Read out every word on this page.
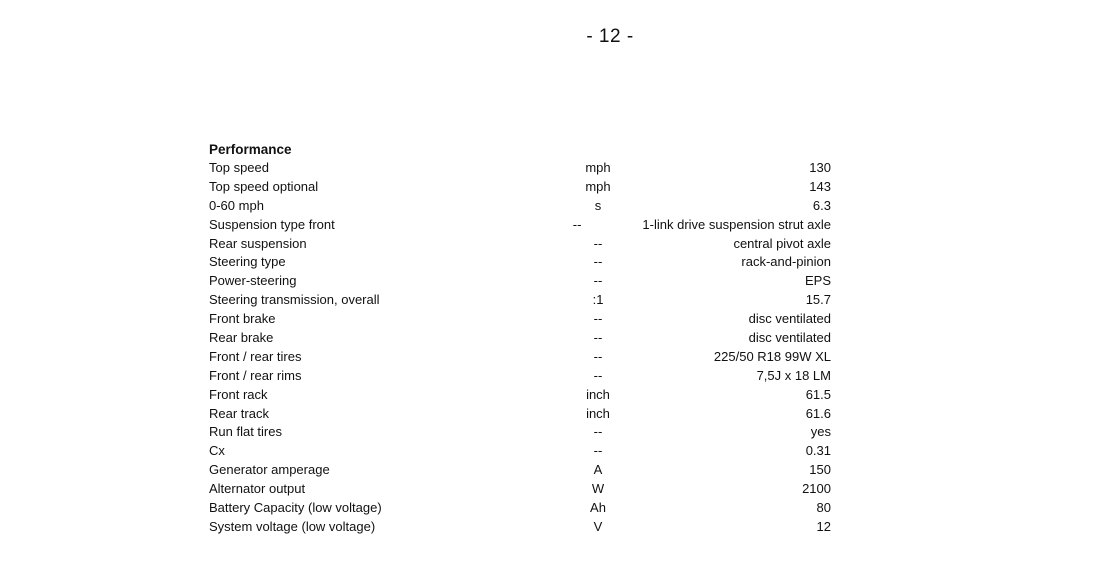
- 12 -
Performance
Top speed	mph	130
Top speed optional	mph	143
0-60 mph	s	6.3
Suspension type front	--	1-link drive suspension strut axle
Rear suspension	--	central pivot axle
Steering type	--	rack-and-pinion
Power-steering	--	EPS
Steering transmission, overall	:1	15.7
Front brake	--	disc ventilated
Rear brake	--	disc ventilated
Front / rear tires	--	225/50 R18 99W XL
Front / rear rims	--	7,5J x 18 LM
Front rack	inch	61.5
Rear track	inch	61.6
Run flat tires	--	yes
Cx	--	0.31
Generator amperage	A	150
Alternator output	W	2100
Battery Capacity (low voltage)	Ah	80
System voltage (low voltage)	V	12
